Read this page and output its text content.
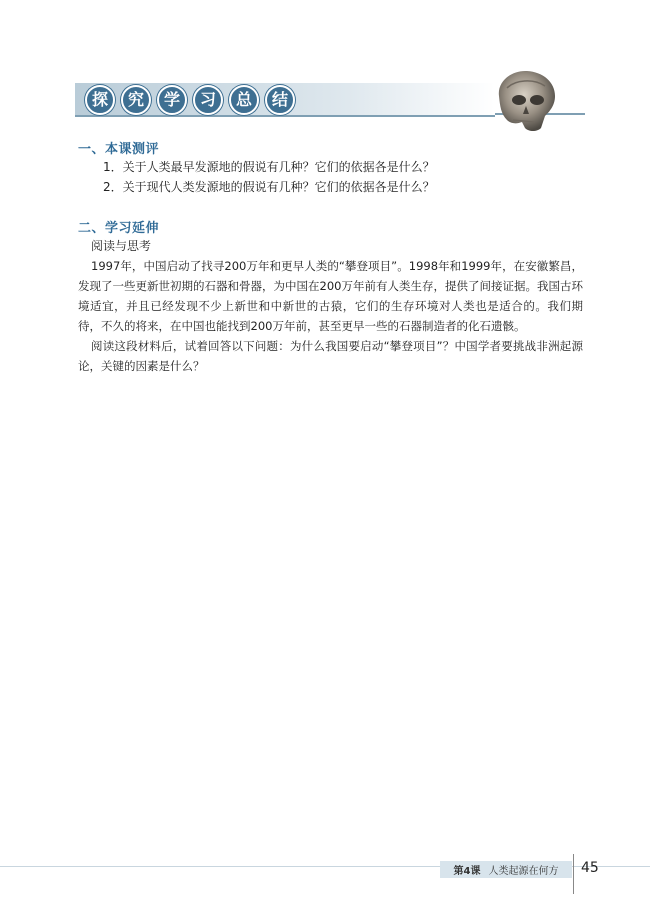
探	究	学	习	总	结
一、本课测评
1．关于人类最早发源地的假说有几种？它们的依据各是什么？
2．关于现代人类发源地的假说有几种？它们的依据各是什么？
二、学习延伸
阅读与思考
1997年，中国启动了找寻200万年和更早人类的“攀登项目”。1998年和1999年，在安徽繁昌，发现了一些更新世初期的石器和骨器，为中国在200万年前有人类生存，提供了间接证据。我国古环境适宜，并且已经发现不少上新世和中新世的古猿，它们的生存环境对人类也是适合的。我们期待，不久的将来，在中国也能找到200万年前，甚至更早一些的石器制造者的化石遗骸。
阅读这段材料后，试着回答以下问题：为什么我国要启动“攀登项目”？中国学者要挑战非洲起源论，关键的因素是什么？
第4课 人类起源在何方 45
